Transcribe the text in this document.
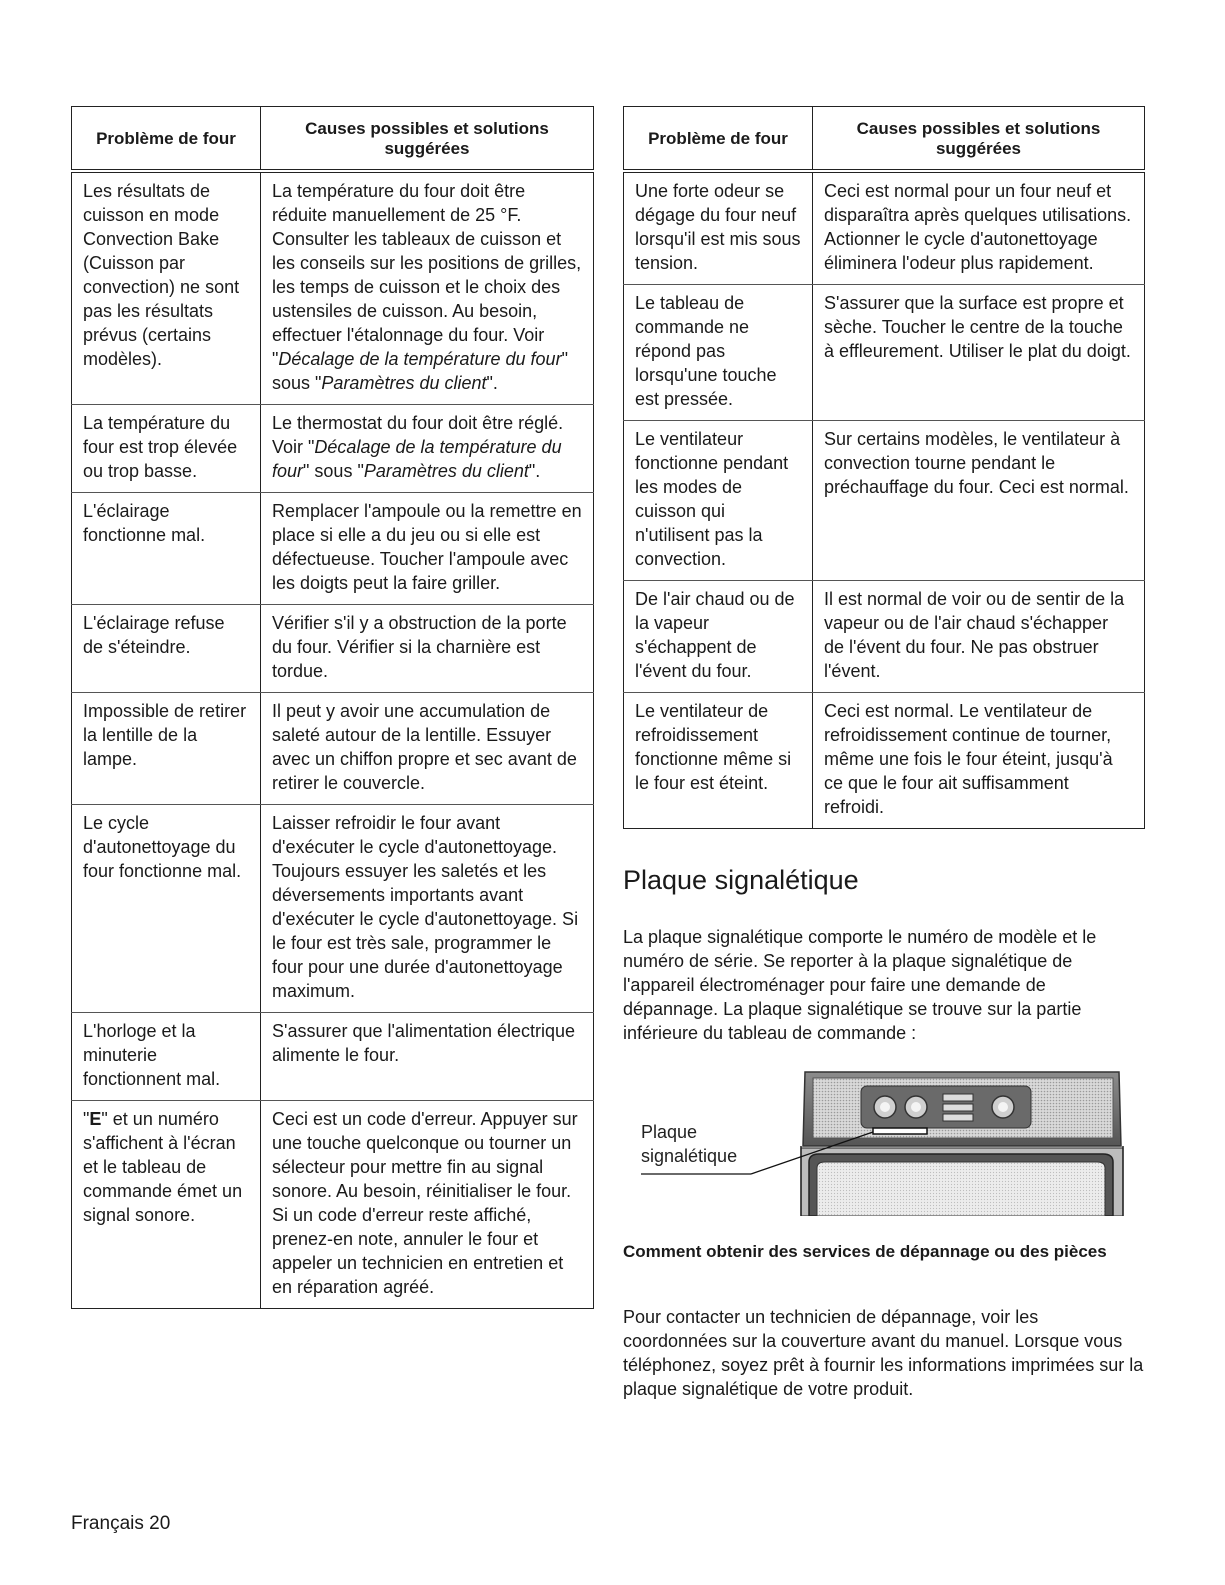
Problème de four	Causes possibles et solutions suggérées
Les résultats de cuisson en mode Convection Bake (Cuisson par convection) ne sont pas les résultats prévus (certains modèles).	La température du four doit être réduite manuellement de 25 °F. Consulter les tableaux de cuisson et les conseils sur les positions de grilles, les temps de cuisson et le choix des ustensiles de cuisson. Au besoin, effectuer l'étalonnage du four. Voir "Décalage de la température du four" sous "Paramètres du client".
La température du four est trop élevée ou trop basse.	Le thermostat du four doit être réglé. Voir "Décalage de la température du four" sous "Paramètres du client".
L'éclairage fonctionne mal.	Remplacer l'ampoule ou la remettre en place si elle a du jeu ou si elle est défectueuse. Toucher l'ampoule avec les doigts peut la faire griller.
L'éclairage refuse de s'éteindre.	Vérifier s'il y a obstruction de la porte du four. Vérifier si la charnière est tordue.
Impossible de retirer la lentille de la lampe.	Il peut y avoir une accumulation de saleté autour de la lentille. Essuyer avec un chiffon propre et sec avant de retirer le couvercle.
Le cycle d'autonettoyage du four fonctionne mal.	Laisser refroidir le four avant d'exécuter le cycle d'autonettoyage. Toujours essuyer les saletés et les déversements importants avant d'exécuter le cycle d'autonettoyage. Si le four est très sale, programmer le four pour une durée d'autonettoyage maximum.
L'horloge et la minuterie fonctionnent mal.	S'assurer que l'alimentation électrique alimente le four.
"E" et un numéro s'affichent à l'écran et le tableau de commande émet un signal sonore.	Ceci est un code d'erreur. Appuyer sur une touche quelconque ou tourner un sélecteur pour mettre fin au signal sonore. Au besoin, réinitialiser le four. Si un code d'erreur reste affiché, prenez-en note, annuler le four et appeler un technicien en entretien et en réparation agréé.
Problème de four	Causes possibles et solutions suggérées
Une forte odeur se dégage du four neuf lorsqu'il est mis sous tension.	Ceci est normal pour un four neuf et disparaîtra après quelques utilisations. Actionner le cycle d'autonettoyage éliminera l'odeur plus rapidement.
Le tableau de commande ne répond pas lorsqu'une touche est pressée.	S'assurer que la surface est propre et sèche. Toucher le centre de la touche à effleurement. Utiliser le plat du doigt.
Le ventilateur fonctionne pendant les modes de cuisson qui n'utilisent pas la convection.	Sur certains modèles, le ventilateur à convection tourne pendant le préchauffage du four. Ceci est normal.
De l'air chaud ou de la vapeur s'échappent de l'évent du four.	Il est normal de voir ou de sentir de la vapeur ou de l'air chaud s'échapper de l'évent du four. Ne pas obstruer l'évent.
Le ventilateur de refroidissement fonctionne même si le four est éteint.	Ceci est normal. Le ventilateur de refroidissement continue de tourner, même une fois le four éteint, jusqu'à ce que le four ait suffisamment refroidi.
Plaque signalétique

La plaque signalétique comporte le numéro de modèle et le numéro de série. Se reporter à la plaque signalétique de l'appareil électroménager pour faire une demande de dépannage. La plaque signalétique se trouve sur la partie inférieure du tableau de commande :

Plaque
signalétique
Comment obtenir des services de dépannage ou des pièces

Pour contacter un technicien de dépannage, voir les coordonnées sur la couverture avant du manuel. Lorsque vous téléphonez, soyez prêt à fournir les informations imprimées sur la plaque signalétique de votre produit.

Français 20
